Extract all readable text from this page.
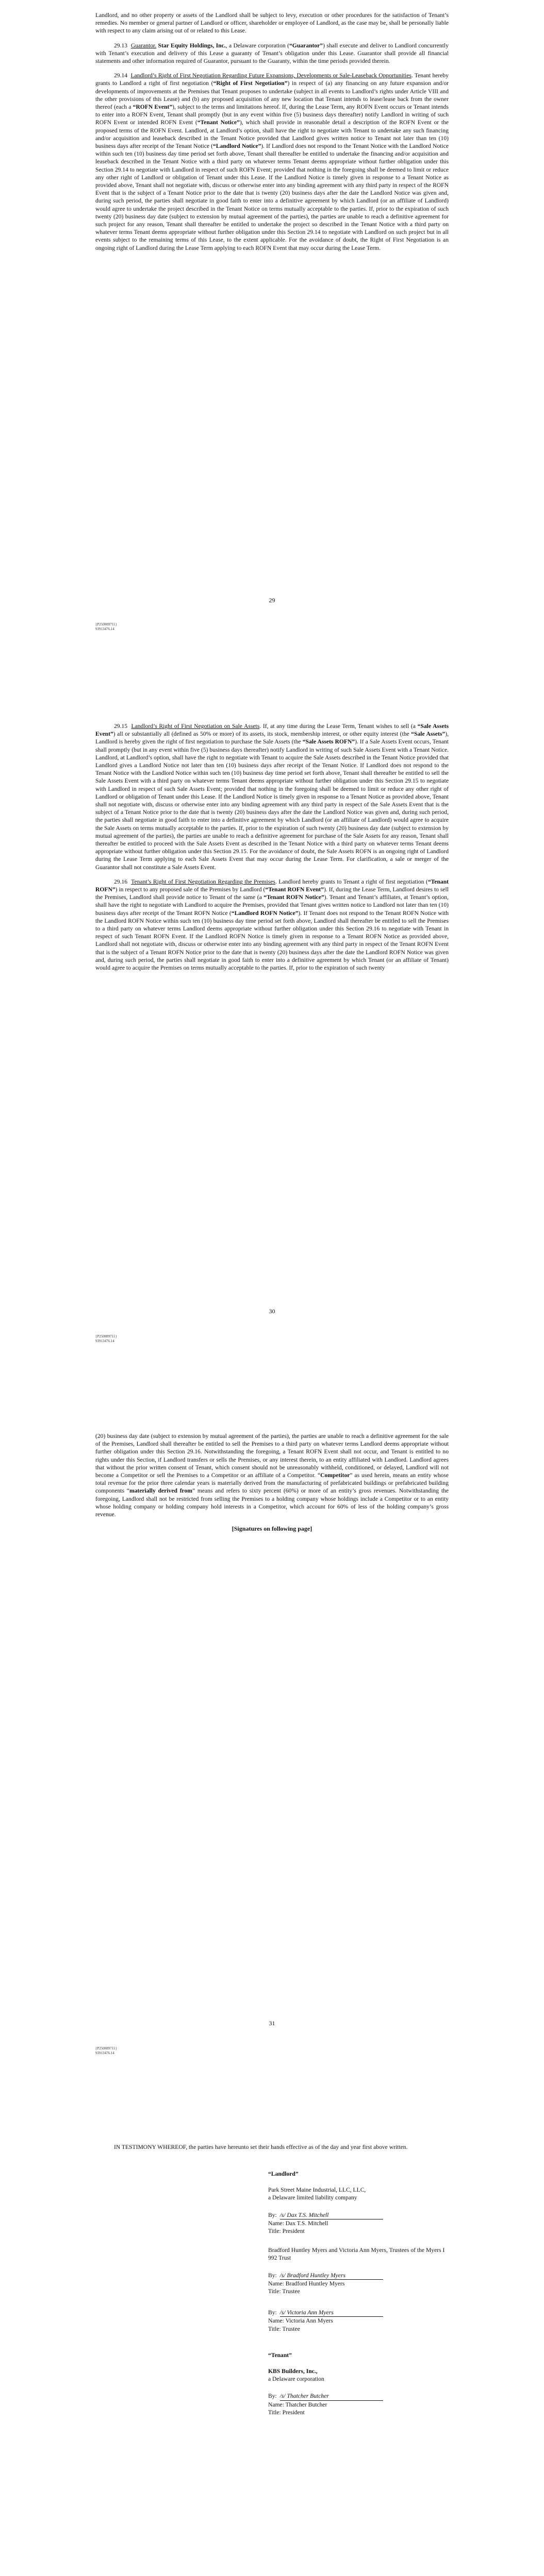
Landlord, and no other property or assets of the Landlord shall be subject to levy, execution or other procedures for the satisfaction of Tenant’s remedies. No member or general partner of Landlord or officer, shareholder or employee of Landlord, as the case may be, shall be personally liable with respect to any claim arising out of or related to this Lease.

29.13 Guarantor. Star Equity Holdings, Inc., a Delaware corporation (“Guarantor”) shall execute and deliver to Landlord concurrently with Tenant’s execution and delivery of this Lease a guaranty of Tenant’s obligation under this Lease. Guarantor shall provide all financial statements and other information required of Guarantor, pursuant to the Guaranty, within the time periods provided therein.

29.14 Landlord’s Right of First Negotiation Regarding Future Expansions, Developments or Sale-Leaseback Opportunities. Tenant hereby grants to Landlord a right of first negotiation (“Right of First Negotiation”) in respect of (a) any financing on any future expansion and/or developments of improvements at the Premises that Tenant proposes to undertake (subject in all events to Landlord’s rights under Article VIII and the other provisions of this Lease) and (b) any proposed acquisition of any new location that Tenant intends to lease/lease back from the owner thereof (each a “ROFN Event”), subject to the terms and limitations hereof. If, during the Lease Term, any ROFN Event occurs or Tenant intends to enter into a ROFN Event, Tenant shall promptly (but in any event within five (5) business days thereafter) notify Landlord in writing of such ROFN Event or intended ROFN Event (“Tenant Notice”), which shall provide in reasonable detail a description of the ROFN Event or the proposed terms of the ROFN Event. Landlord, at Landlord’s option, shall have the right to negotiate with Tenant to undertake any such financing and/or acquisition and leaseback described in the Tenant Notice provided that Landlord gives written notice to Tenant not later than ten (10) business days after receipt of the Tenant Notice (“Landlord Notice”). If Landlord does not respond to the Tenant Notice with the Landlord Notice within such ten (10) business day time period set forth above, Tenant shall thereafter be entitled to undertake the financing and/or acquisition and leaseback described in the Tenant Notice with a third party on whatever terms Tenant deems appropriate without further obligation under this Section 29.14 to negotiate with Landlord in respect of such ROFN Event; provided that nothing in the foregoing shall be deemed to limit or reduce any other right of Landlord or obligation of Tenant under this Lease. If the Landlord Notice is timely given in response to a Tenant Notice as provided above, Tenant shall not negotiate with, discuss or otherwise enter into any binding agreement with any third party in respect of the ROFN Event that is the subject of a Tenant Notice prior to the date that is twenty (20) business days after the date the Landlord Notice was given and, during such period, the parties shall negotiate in good faith to enter into a definitive agreement by which Landlord (or an affiliate of Landlord) would agree to undertake the project described in the Tenant Notice on terms mutually acceptable to the parties. If, prior to the expiration of such twenty (20) business day date (subject to extension by mutual agreement of the parties), the parties are unable to reach a definitive agreement for such project for any reason, Tenant shall thereafter be entitled to undertake the project so described in the Tenant Notice with a third party on whatever terms Tenant deems appropriate without further obligation under this Section 29.14 to negotiate with Landlord on such project but in all events subject to the remaining terms of this Lease, to the extent applicable. For the avoidance of doubt, the Right of First Negotiation is an ongoing right of Landlord during the Lease Term applying to each ROFN Event that may occur during the Lease Term.

29
{P250089711}
93913476.14

29.15 Landlord’s Right of First Negotiation on Sale Assets. If, at any time during the Lease Term, Tenant wishes to sell (a “Sale Assets Event”) all or substantially all (defined as 50% or more) of its assets, its stock, membership interest, or other equity interest (the “Sale Assets”), Landlord is hereby given the right of first negotiation to purchase the Sale Assets (the “Sale Assets ROFN”). If a Sale Assets Event occurs, Tenant shall promptly (but in any event within five (5) business days thereafter) notify Landlord in writing of such Sale Assets Event with a Tenant Notice. Landlord, at Landlord’s option, shall have the right to negotiate with Tenant to acquire the Sale Assets described in the Tenant Notice provided that Landlord gives a Landlord Notice not later than ten (10) business days after receipt of the Tenant Notice. If Landlord does not respond to the Tenant Notice with the Landlord Notice within such ten (10) business day time period set forth above, Tenant shall thereafter be entitled to sell the Sale Assets Event with a third party on whatever terms Tenant deems appropriate without further obligation under this Section 29.15 to negotiate with Landlord in respect of such Sale Assets Event; provided that nothing in the foregoing shall be deemed to limit or reduce any other right of Landlord or obligation of Tenant under this Lease. If the Landlord Notice is timely given in response to a Tenant Notice as provided above, Tenant shall not negotiate with, discuss or otherwise enter into any binding agreement with any third party in respect of the Sale Assets Event that is the subject of a Tenant Notice prior to the date that is twenty (20) business days after the date the Landlord Notice was given and, during such period, the parties shall negotiate in good faith to enter into a definitive agreement by which Landlord (or an affiliate of Landlord) would agree to acquire the Sale Assets on terms mutually acceptable to the parties. If, prior to the expiration of such twenty (20) business day date (subject to extension by mutual agreement of the parties), the parties are unable to reach a definitive agreement for purchase of the Sale Assets for any reason, Tenant shall thereafter be entitled to proceed with the Sale Assets Event as described in the Tenant Notice with a third party on whatever terms Tenant deems appropriate without further obligation under this Section 29.15. For the avoidance of doubt, the Sale Assets ROFN is an ongoing right of Landlord during the Lease Term applying to each Sale Assets Event that may occur during the Lease Term. For clarification, a sale or merger of the Guarantor shall not constitute a Sale Assets Event.

29.16 Tenant’s Right of First Negotiation Regarding the Premises. Landlord hereby grants to Tenant a right of first negotiation (“Tenant ROFN”) in respect to any proposed sale of the Premises by Landlord (“Tenant ROFN Event”). If, during the Lease Term, Landlord desires to sell the Premises, Landlord shall provide notice to Tenant of the same (a “Tenant ROFN Notice”). Tenant and Tenant’s affiliates, at Tenant’s option, shall have the right to negotiate with Landlord to acquire the Premises, provided that Tenant gives written notice to Landlord not later than ten (10) business days after receipt of the Tenant ROFN Notice (“Landlord ROFN Notice”). If Tenant does not respond to the Tenant ROFN Notice with the Landlord ROFN Notice within such ten (10) business day time period set forth above, Landlord shall thereafter be entitled to sell the Premises to a third party on whatever terms Landlord deems appropriate without further obligation under this Section 29.16 to negotiate with Tenant in respect of such Tenant ROFN Event. If the Landlord ROFN Notice is timely given in response to a Tenant ROFN Notice as provided above, Landlord shall not negotiate with, discuss or otherwise enter into any binding agreement with any third party in respect of the Tenant ROFN Event that is the subject of a Tenant ROFN Notice prior to the date that is twenty (20) business days after the date the Landlord ROFN Notice was given and, during such period, the parties shall negotiate in good faith to enter into a definitive agreement by which Tenant (or an affiliate of Tenant) would agree to acquire the Premises on terms mutually acceptable to the parties. If, prior to the expiration of such twenty

30
{P250089711}
93913476.14

(20) business day date (subject to extension by mutual agreement of the parties), the parties are unable to reach a definitive agreement for the sale of the Premises, Landlord shall thereafter be entitled to sell the Premises to a third party on whatever terms Landlord deems appropriate without further obligation under this Section 29.16. Notwithstanding the foregoing, a Tenant ROFN Event shall not occur, and Tenant is entitled to no rights under this Section, if Landlord transfers or sells the Premises, or any interest therein, to an entity affiliated with Landlord. Landlord agrees that without the prior written consent of Tenant, which consent should not be unreasonably withheld, conditioned, or delayed, Landlord will not become a Competitor or sell the Premises to a Competitor or an affiliate of a Competitor. “Competitor” as used herein, means an entity whose total revenue for the prior three calendar years is materially derived from the manufacturing of prefabricated buildings or prefabricated building components “materially derived from” means and refers to sixty percent (60%) or more of an entity’s gross revenues. Notwithstanding the foregoing, Landlord shall not be restricted from selling the Premises to a holding company whose holdings include a Competitor or to an entity whose holding company or holding company hold interests in a Competitor, which account for 60% of less of the holding company’s gross revenue.

[Signatures on following page]
31
{P250089711}
93913476.14

IN TESTIMONY WHEREOF, the parties have hereunto set their hands effective as of the day and year first above written.

“Landlord”
Park Street Maine Industrial, LLC, LLC,
a Delaware limited liability company
By: /s/ Dax T.S. Mitchell
Name: Dax T.S. Mitchell
Title: President
Bradford Huntley Myers and Victoria Ann Myers, Trustees of the Myers I 992 Trust
By: /s/ Bradford Huntley Myers
Name: Bradford Huntley Myers
Title: Trustee
By: /s/ Victoria Ann Myers
Name: Victoria Ann Myers
Title: Trustee
“Tenant”
KBS Builders, Inc.,
a Delaware corporation
By: /s/ Thatcher Butcher
Name: Thatcher Butcher
Title: President
